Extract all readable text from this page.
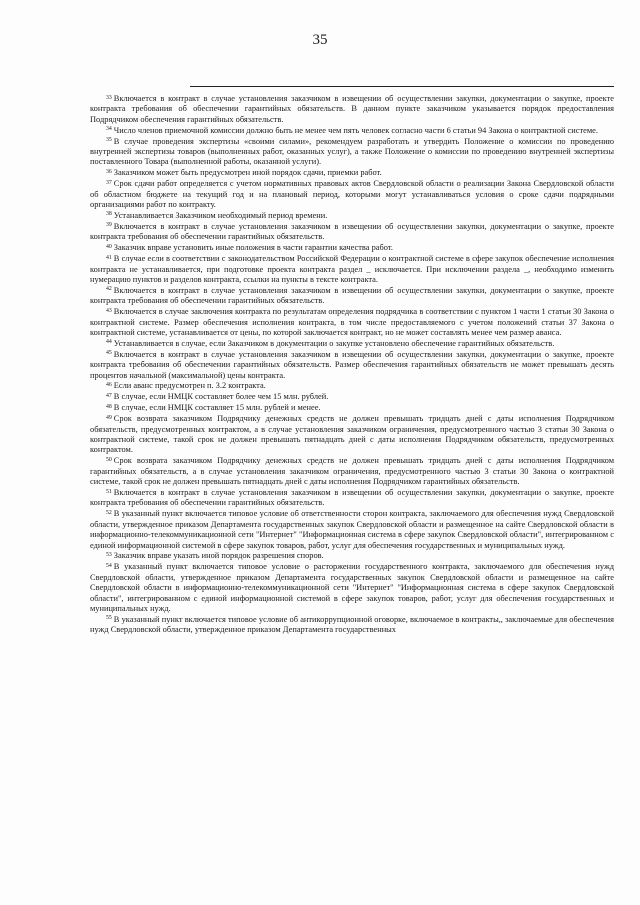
35

$^{33}$ Включается в контракт в случае установления заказчиком в извещении об осуществлении закупки, документации о закупке, проекте контракта требования об обеспечении гарантийных обязательств. В данном пункте заказчиком указывается порядок предоставления Подрядчиком обеспечения гарантийных обязательств.

$^{34}$ Число членов приемочной комиссии должно быть не менее чем пять человек согласно части 6 статьи 94 Закона о контрактной системе.

$^{35}$ В случае проведения экспертизы «своими силами», рекомендуем разработать и утвердить Положение о комиссии по проведению внутренней экспертизы товаров (выполненных работ, оказанных услуг), а также Положение о комиссии по проведению внутренней экспертизы поставленного Товара (выполненной работы, оказанной услуги).

$^{36}$ Заказчиком может быть предусмотрен иной порядок сдачи, приемки работ.

$^{37}$ Срок сдачи работ определяется с учетом нормативных правовых актов Свердловской области о реализации Закона Свердловской области об областном бюджете на текущий год и на плановый период, которыми могут устанавливаться условия о сроке сдачи подрядными организациями работ по контракту.

$^{38}$ Устанавливается Заказчиком необходимый период времени.

$^{39}$ Включается в контракт в случае установления заказчиком в извещении об осуществлении закупки, документации о закупке, проекте контракта требования об обеспечении гарантийных обязательств.

$^{40}$ Заказчик вправе установить иные положения в части гарантии качества работ.

$^{41}$ В случае если в соответствии с законодательством Российской Федерации о контрактной системе в сфере закупок обеспечение исполнения контракта не устанавливается, при подготовке проекта контракта раздел _ исключается. При исключении раздела _, необходимо изменить нумерацию пунктов и разделов контракта, ссылки на пункты в тексте контракта.

$^{42}$ Включается в контракт в случае установления заказчиком в извещении об осуществлении закупки, документации о закупке, проекте контракта требования об обеспечении гарантийных обязательств.

$^{43}$ Включается в случае заключения контракта по результатам определения подрядчика в соответствии с пунктом 1 части 1 статьи 30 Закона о контрактной системе. Размер обеспечения исполнения контракта, в том числе предоставляемого с учетом положений статьи 37 Закона о контрактной системе, устанавливается от цены, по которой заключается контракт, но не может составлять менее чем размер аванса.

$^{44}$ Устанавливается в случае, если Заказчиком в документации о закупке установлено обеспечение гарантийных обязательств.

$^{45}$ Включается в контракт в случае установления заказчиком в извещении об осуществлении закупки, документации о закупке, проекте контракта требования об обеспечении гарантийных обязательств. Размер обеспечения гарантийных обязательств не может превышать десять процентов начальной (максимальной) цены контракта.

$^{46}$ Если аванс предусмотрен п. 3.2 контракта.

$^{47}$ В случае, если НМЦК составляет более чем 15 млн. рублей.

$^{48}$ В случае, если НМЦК составляет 15 млн. рублей и менее.

$^{49}$ Срок возврата заказчиком Подрядчику денежных средств не должен превышать тридцать дней с даты исполнения Подрядчиком обязательств, предусмотренных контрактом, а в случае установления заказчиком ограничения, предусмотренного частью 3 статьи 30 Закона о контрактной системе, такой срок не должен превышать пятнадцать дней с даты исполнения Подрядчиком обязательств, предусмотренных контрактом.

$^{50}$ Срок возврата заказчиком Подрядчику денежных средств не должен превышать тридцать дней с даты исполнения Подрядчиком гарантийных обязательств, а в случае установления заказчиком ограничения, предусмотренного частью 3 статьи 30 Закона о контрактной системе, такой срок не должен превышать пятнадцать дней с даты исполнения Подрядчиком гарантийных обязательств.

$^{51}$ Включается в контракт в случае установления заказчиком в извещении об осуществлении закупки, документации о закупке, проекте контракта требования об обеспечении гарантийных обязательств.

$^{52}$ В указанный пункт включается типовое условие об ответственности сторон контракта, заключаемого для обеспечения нужд Свердловской области, утвержденное приказом Департамента государственных закупок Свердловской области и размещенное на сайте Свердловской области в информационно-телекоммуникационной сети "Интернет" "Информационная система в сфере закупок Свердловской области", интегрированном с единой информационной системой в сфере закупок товаров, работ, услуг для обеспечения государственных и муниципальных нужд.

$^{53}$ Заказчик вправе указать иной порядок разрешения споров.

$^{54}$ В указанный пункт включается типовое условие о расторжении государственного контракта, заключаемого для обеспечения нужд Свердловской области, утвержденное приказом Департамента государственных закупок Свердловской области и размещенное на сайте Свердловской области в информационно-телекоммуникационной сети "Интернет" "Информационная система в сфере закупок Свердловской области", интегрированном с единой информационной системой в сфере закупок товаров, работ, услуг для обеспечения государственных и муниципальных нужд.

$^{55}$ В указанный пункт включается типовое условие об антикоррупционной оговорке, включаемое в контракты,, заключаемые для обеспечения нужд Свердловской области, утвержденное приказом Департамента государственных
